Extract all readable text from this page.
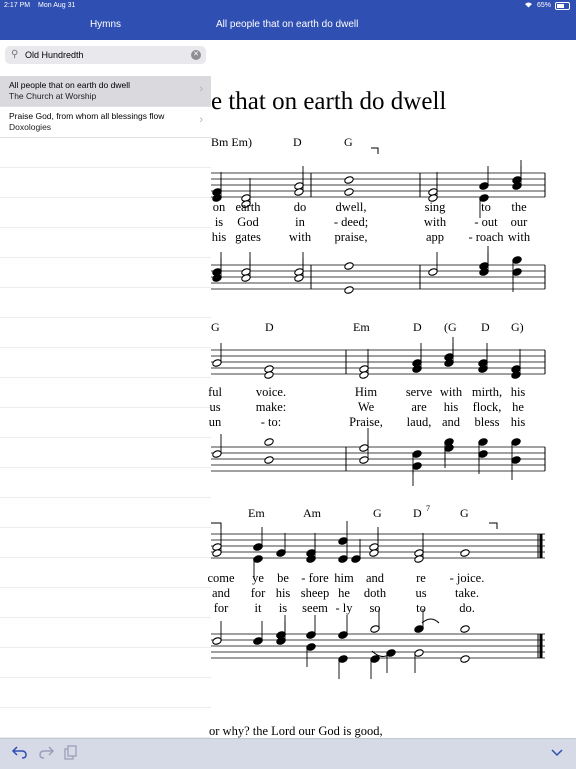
2:17 PM Mon Aug 31	65%
Hymns	All people that on earth do dwell
⚲
Old Hundredth	✕
All people that on earth do dwell
The Church at Worship
›
Praise God, from whom all blessings flow
Doxologies
›
e that on earth do dwell
Bm Em)	D	G
on earth	do dwell,	sing	to the
is God	in - deed;	with - out our
his gates with praise,	app - roach with
G	D	Em	D (G D G)
ful	voice.	Him serve with mirth, his
us	make:	We	are his flock, he
un	- to:	Praise, laud, and bless his
Em	Am	G	D	G
7
come ye be - fore him and	re - joice.
and for his sheep he doth us take.
for it is seem - ly so	to	do.
or why? the Lord our God is good,
